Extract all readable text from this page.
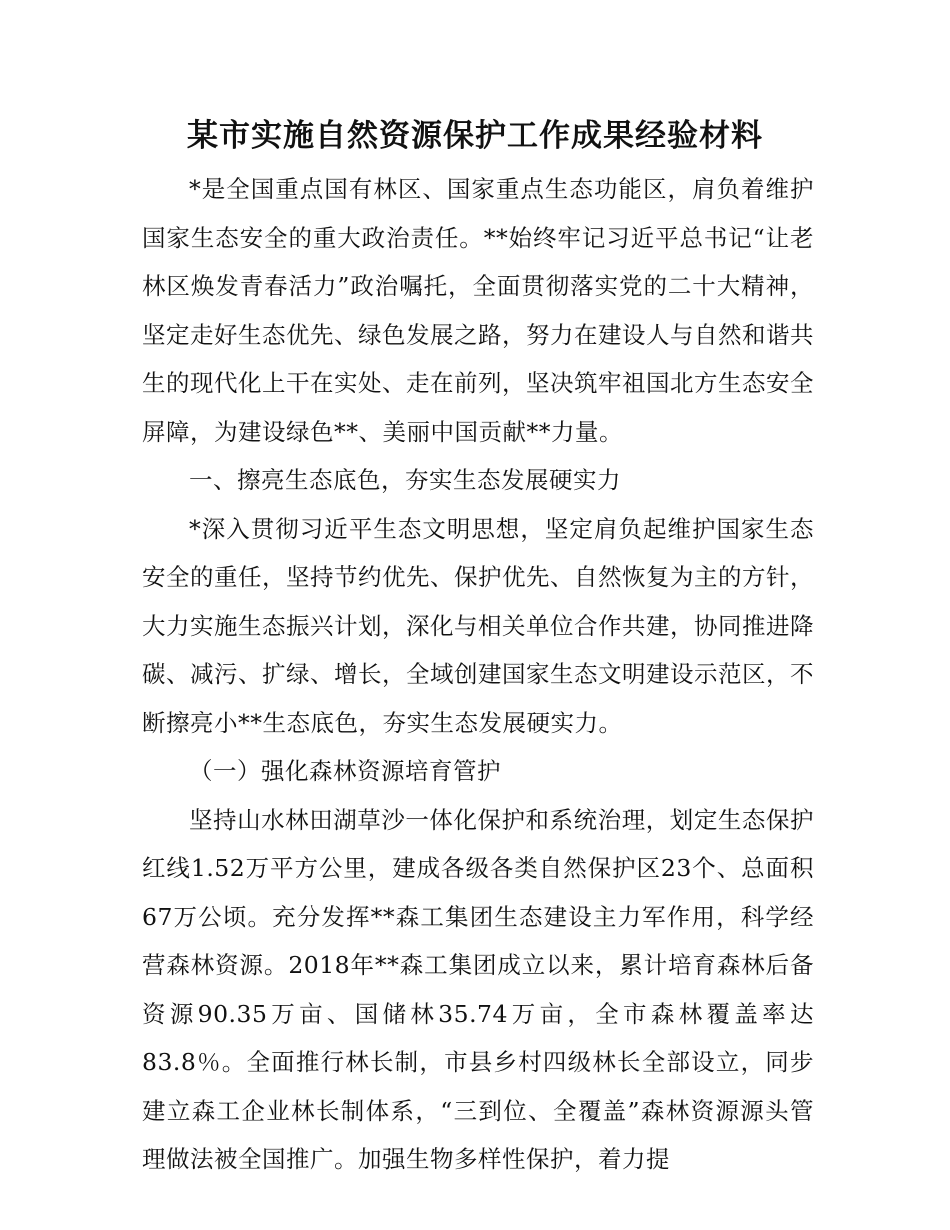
某市实施自然资源保护工作成果经验材料

*是全国重点国有林区、国家重点生态功能区，肩负着维护国家生态安全的重大政治责任。**始终牢记习近平总书记“让老林区焕发青春活力”政治嘱托，全面贯彻落实党的二十大精神，坚定走好生态优先、绿色发展之路，努力在建设人与自然和谐共生的现代化上干在实处、走在前列，坚决筑牢祖国北方生态安全屏障，为建设绿色**、美丽中国贡献**力量。

一、擦亮生态底色，夯实生态发展硬实力

*深入贯彻习近平生态文明思想，坚定肩负起维护国家生态安全的重任，坚持节约优先、保护优先、自然恢复为主的方针，大力实施生态振兴计划，深化与相关单位合作共建，协同推进降碳、减污、扩绿、增长，全域创建国家生态文明建设示范区，不断擦亮小**生态底色，夯实生态发展硬实力。

（一）强化森林资源培育管护

坚持山水林田湖草沙一体化保护和系统治理，划定生态保护红线1.52万平方公里，建成各级各类自然保护区23个、总面积67万公顷。充分发挥**森工集团生态建设主力军作用，科学经营森林资源。2018年**森工集团成立以来，累计培育森林后备资源90.35万亩、国储林35.74万亩，全市森林覆盖率达83.8％。全面推行林长制，市县乡村四级林长全部设立，同步建立森工企业林长制体系，“三到位、全覆盖”森林资源源头管理做法被全国推广。加强生物多样性保护，着力提
